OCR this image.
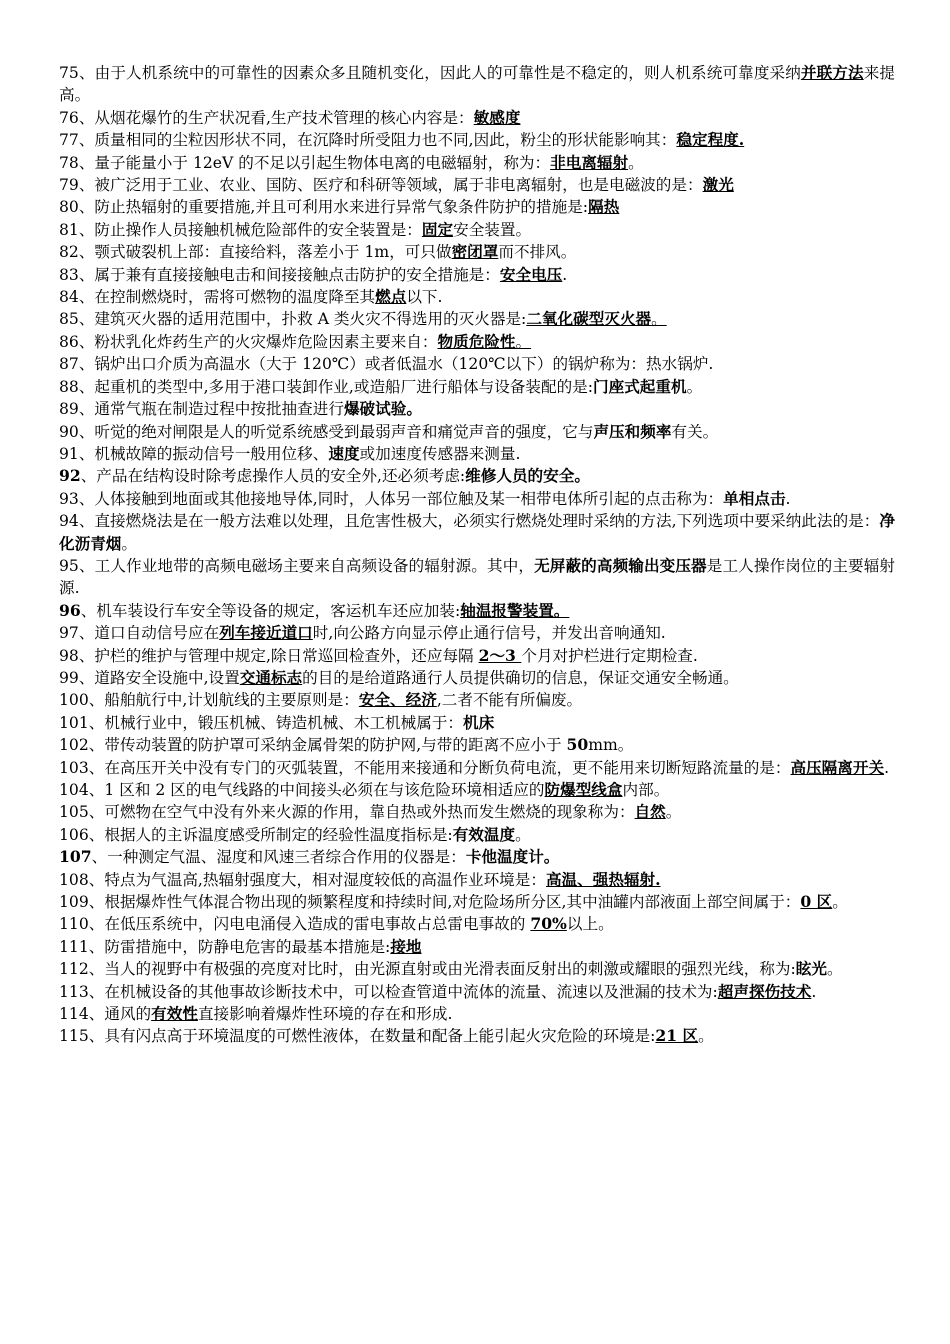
75、由于人机系统中的可靠性的因素众多且随机变化，因此人的可靠性是不稳定的，则人机系统可靠度采纳并联方法来提高。

76、从烟花爆竹的生产状况看,生产技术管理的核心内容是：敏感度

77、质量相同的尘粒因形状不同，在沉降时所受阻力也不同,因此，粉尘的形状能影响其：稳定程度.

78、量子能量小于 12eV 的不足以引起生物体电离的电磁辐射，称为：非电离辐射。

79、被广泛用于工业、农业、国防、医疗和科研等领域，属于非电离辐射，也是电磁波的是：激光

80、防止热辐射的重要措施,并且可利用水来进行异常气象条件防护的措施是:隔热

81、防止操作人员接触机械危险部件的安全装置是：固定安全装置。

82、颚式破裂机上部：直接给料，落差小于 1m，可只做密闭罩而不排风。

83、属于兼有直接接触电击和间接接触点击防护的安全措施是：安全电压.

84、在控制燃烧时，需将可燃物的温度降至其燃点以下.

85、建筑灭火器的适用范围中，扑救 A 类火灾不得选用的灭火器是:二氧化碳型灭火器。

86、粉状乳化炸药生产的火灾爆炸危险因素主要来自：物质危险性。

87、锅炉出口介质为高温水（大于 120℃）或者低温水（120℃以下）的锅炉称为：热水锅炉.

88、起重机的类型中,多用于港口装卸作业,或造船厂进行船体与设备装配的是:门座式起重机。

89、通常气瓶在制造过程中按批抽查进行爆破试验。

90、听觉的绝对闸限是人的听觉系统感受到最弱声音和痛觉声音的强度，它与声压和频率有关。

91、机械故障的振动信号一般用位移、速度或加速度传感器来测量.

92、产品在结构设时除考虑操作人员的安全外,还必须考虑:维修人员的安全。

93、人体接触到地面或其他接地导体,同时，人体另一部位触及某一相带电体所引起的点击称为：单相点击.

94、直接燃烧法是在一般方法难以处理，且危害性极大，必须实行燃烧处理时采纳的方法,下列选项中要采纳此法的是：净化沥青烟。

95、工人作业地带的高频电磁场主要来自高频设备的辐射源。其中，无屏蔽的高频输出变压器是工人操作岗位的主要辐射源.

96、机车装设行车安全等设备的规定，客运机车还应加装:轴温报警装置。

97、道口自动信号应在列车接近道口时,向公路方向显示停止通行信号，并发出音响通知.

98、护栏的维护与管理中规定,除日常巡回检查外，还应每隔 2～3 个月对护栏进行定期检查.

99、道路安全设施中,设置交通标志的目的是给道路通行人员提供确切的信息，保证交通安全畅通。

100、船舶航行中,计划航线的主要原则是：安全、经济,二者不能有所偏废。

101、机械行业中，锻压机械、铸造机械、木工机械属于：机床

102、带传动装置的防护罩可采纳金属骨架的防护网,与带的距离不应小于 50mm。

103、在高压开关中没有专门的灭弧装置，不能用来接通和分断负荷电流，更不能用来切断短路流量的是：高压隔离开关.

104、1 区和 2 区的电气线路的中间接头必须在与该危险环境相适应的防爆型线盒内部。

105、可燃物在空气中没有外来火源的作用，靠自热或外热而发生燃烧的现象称为：自然。

106、根据人的主诉温度感受所制定的经验性温度指标是:有效温度。

107、一种测定气温、湿度和风速三者综合作用的仪器是：卡他温度计。

108、特点为气温高,热辐射强度大，相对湿度较低的高温作业环境是：高温、强热辐射.

109、根据爆炸性气体混合物出现的频繁程度和持续时间,对危险场所分区,其中油罐内部液面上部空间属于：0 区。

110、在低压系统中，闪电电涌侵入造成的雷电事故占总雷电事故的 70%以上。

111、防雷措施中，防静电危害的最基本措施是:接地

112、当人的视野中有极强的亮度对比时，由光源直射或由光滑表面反射出的刺激或耀眼的强烈光线，称为:眩光。

113、在机械设备的其他事故诊断技术中，可以检查管道中流体的流量、流速以及泄漏的技术为:超声探伤技术.

114、通风的有效性直接影响着爆炸性环境的存在和形成.

115、具有闪点高于环境温度的可燃性液体，在数量和配备上能引起火灾危险的环境是:21 区。
